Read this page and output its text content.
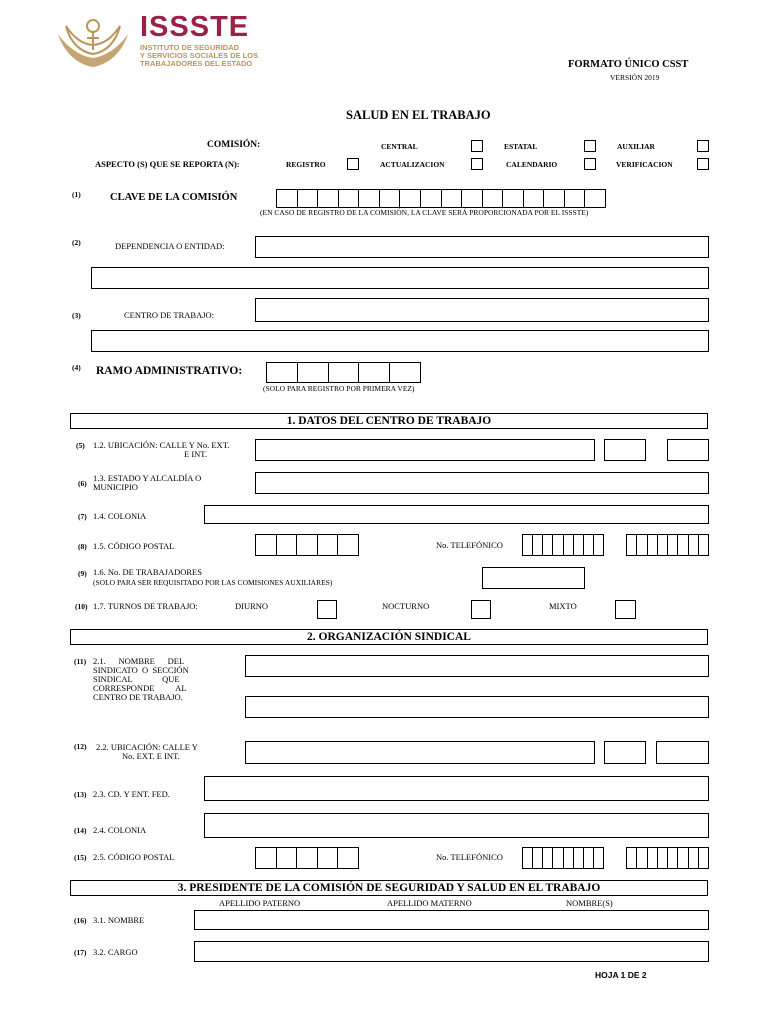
ISSSTE
INSTITUTO DE SEGURIDAD
Y SERVICIOS SOCIALES DE LOS
TRABAJADORES DEL ESTADO	FORMATO ÚNICO CSST
VERSIÓN 2019
SALUD EN EL TRABAJO
COMISIÓN:	CENTRAL	ESTATAL	AUXILIAR
ASPECTO (S) QUE SE REPORTA (N):	REGISTRO	ACTUALIZACION	CALENDARIO	VERIFICACION
(1)	CLAVE DE LA COMISIÓN
(EN CASO DE REGISTRO DE LA COMISIÓN, LA CLAVE SERÁ PROPORCIONADA POR EL ISSSTE)
(2)	DEPENDENCIA O ENTIDAD:
(3)	CENTRO DE TRABAJO:
(4) RAMO ADMINISTRATIVO:
(SOLO PARA REGISTRO POR PRIMERA VEZ)
1. DATOS DEL CENTRO DE TRABAJO
(5) 1.2. UBICACIÓN: CALLE Y No. EXT.
E INT.
(6)
1.3. ESTADO Y ALCALDÍA O
MUNICIPIO
(7) 1.4. COLONIA
(8) 1.5. CÓDIGO POSTAL	No. TELEFÓNICO
(9) 1.6. No. DE TRABAJADORES
(SOLO PARA SER REQUISITADO POR LAS COMISIONES AUXILIARES)
(10) 1.7. TURNOS DE TRABAJO:	DIURNO	NOCTURNO	MIXTO
2. ORGANIZACIÓN SINDICAL
(11) 2.1.      NOMBRE      DEL
SINDICATO  O  SECCIÓN
SINDICAL              QUE
CORRESPONDE          AL
CENTRO DE TRABAJO.
(12) 2.2. UBICACIÓN: CALLE Y
No. EXT. E INT.
(13) 2.3. CD. Y ENT. FED.
(14) 2.4. COLONIA
(15) 2.5. CÓDIGO POSTAL	No. TELEFÓNICO
3. PRESIDENTE DE LA COMISIÓN DE SEGURIDAD Y SALUD EN EL TRABAJO
APELLIDO PATERNO	APELLIDO MATERNO	NOMBRE(S)
(16) 3.1. NOMBRE
(17) 3.2. CARGO
HOJA 1 DE 2
